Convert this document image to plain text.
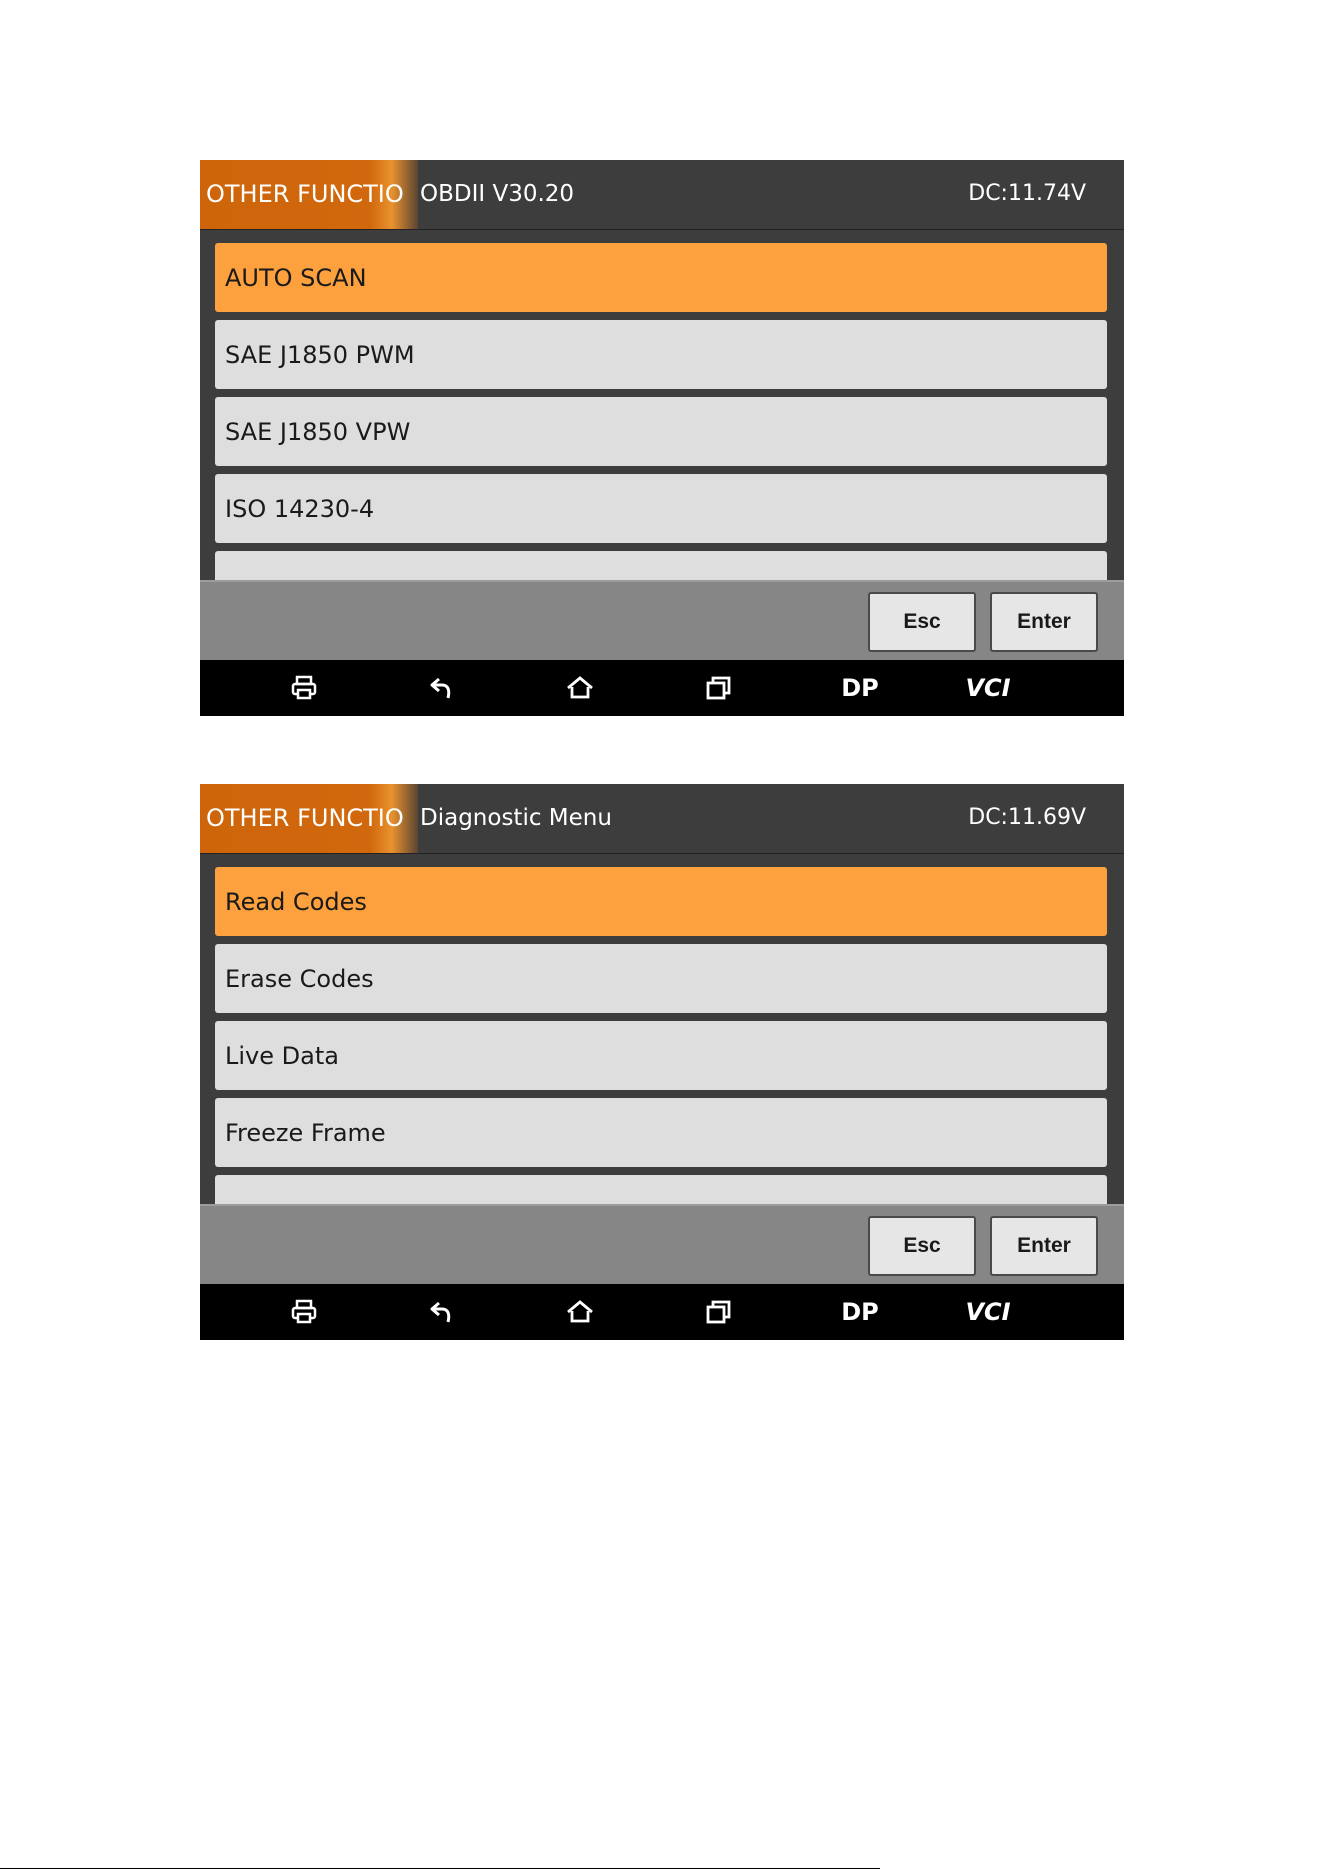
OTHER FUNCTIO OBDII V30.20	DC:11.74V
AUTO SCAN
SAE J1850 PWM
SAE J1850 VPW
ISO 14230-4
Esc	Enter
DP	VCI
OTHER FUNCTIO Diagnostic Menu	DC:11.69V
Read Codes
Erase Codes
Live Data
Freeze Frame
Esc	Enter
DP	VCI
